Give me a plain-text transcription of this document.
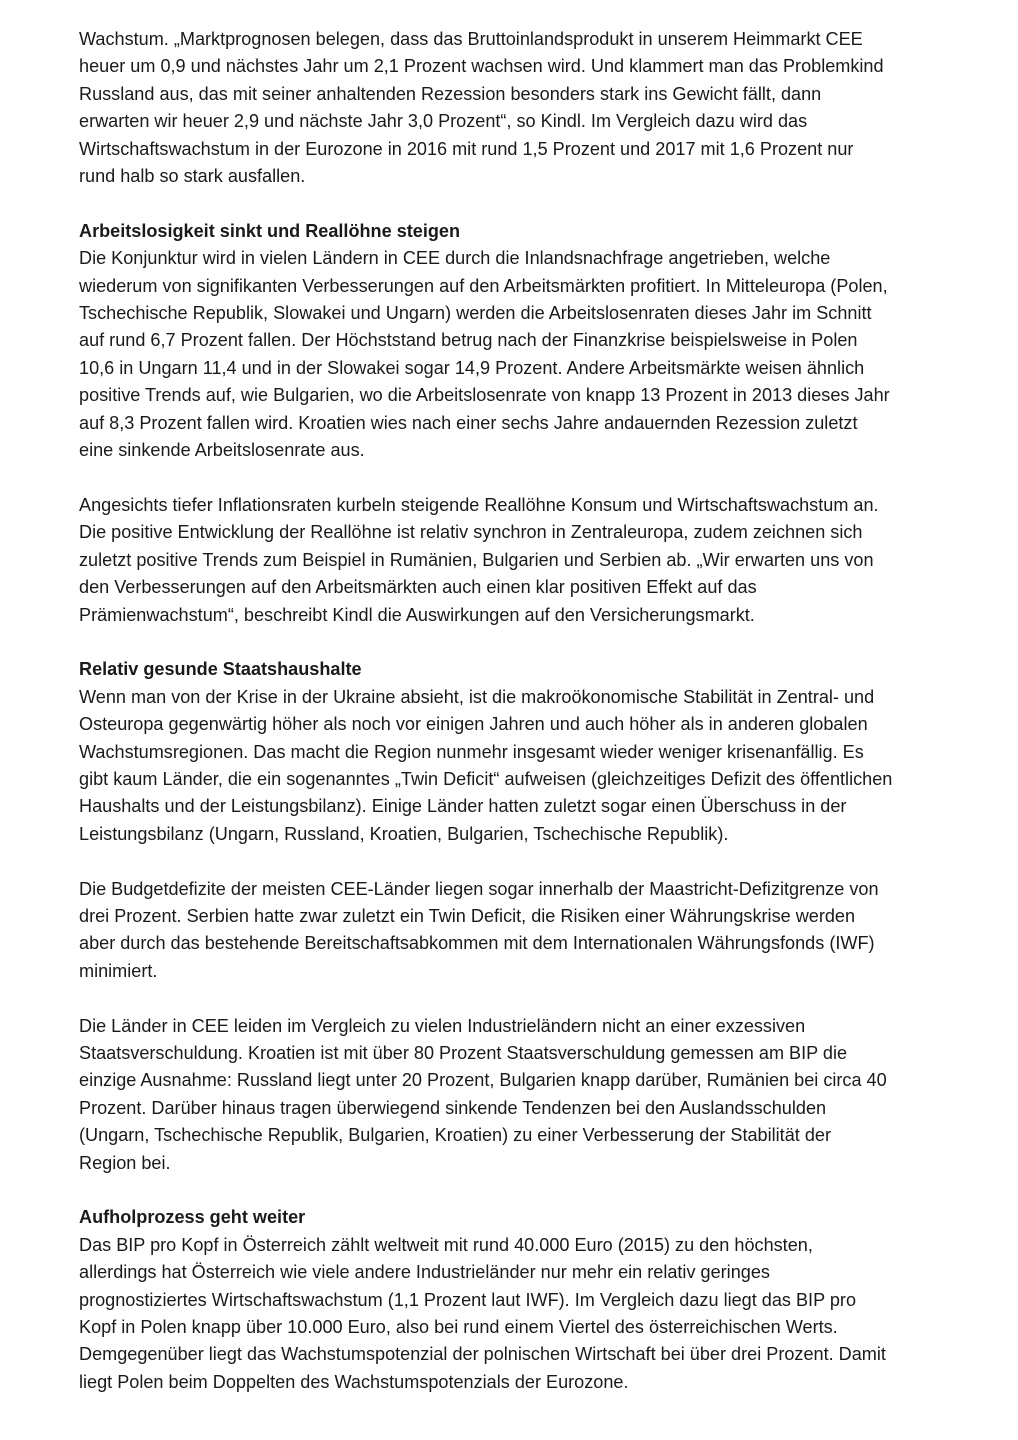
Wachstum. „Marktprognosen belegen, dass das Bruttoinlandsprodukt in unserem Heimmarkt CEE
heuer um 0,9 und nächstes Jahr um 2,1 Prozent wachsen wird. Und klammert man das Problemkind
Russland aus, das mit seiner anhaltenden Rezession besonders stark ins Gewicht fällt, dann
erwarten wir heuer 2,9 und nächste Jahr 3,0 Prozent“, so Kindl. Im Vergleich dazu wird das
Wirtschaftswachstum in der Eurozone in 2016 mit rund 1,5 Prozent und 2017 mit 1,6 Prozent nur
rund halb so stark ausfallen.
Arbeitslosigkeit sinkt und Reallöhne steigen
Die Konjunktur wird in vielen Ländern in CEE durch die Inlandsnachfrage angetrieben, welche
wiederum von signifikanten Verbesserungen auf den Arbeitsmärkten profitiert. In Mitteleuropa (Polen,
Tschechische Republik, Slowakei und Ungarn) werden die Arbeitslosenraten dieses Jahr im Schnitt
auf rund 6,7 Prozent fallen. Der Höchststand betrug nach der Finanzkrise beispielsweise in Polen
10,6 in Ungarn 11,4 und in der Slowakei sogar 14,9 Prozent. Andere Arbeitsmärkte weisen ähnlich
positive Trends auf, wie Bulgarien, wo die Arbeitslosenrate von knapp 13 Prozent in 2013 dieses Jahr
auf 8,3 Prozent fallen wird. Kroatien wies nach einer sechs Jahre andauernden Rezession zuletzt
eine sinkende Arbeitslosenrate aus.
Angesichts tiefer Inflationsraten kurbeln steigende Reallöhne Konsum und Wirtschaftswachstum an.
Die positive Entwicklung der Reallöhne ist relativ synchron in Zentraleuropa, zudem zeichnen sich
zuletzt positive Trends zum Beispiel in Rumänien, Bulgarien und Serbien ab. „Wir erwarten uns von
den Verbesserungen auf den Arbeitsmärkten auch einen klar positiven Effekt auf das
Prämienwachstum“, beschreibt Kindl die Auswirkungen auf den Versicherungsmarkt.
Relativ gesunde Staatshaushalte
Wenn man von der Krise in der Ukraine absieht, ist die makroökonomische Stabilität in Zentral- und
Osteuropa gegenwärtig höher als noch vor einigen Jahren und auch höher als in anderen globalen
Wachstumsregionen. Das macht die Region nunmehr insgesamt wieder weniger krisenanfällig. Es
gibt kaum Länder, die ein sogenanntes „Twin Deficit“ aufweisen (gleichzeitiges Defizit des öffentlichen
Haushalts und der Leistungsbilanz). Einige Länder hatten zuletzt sogar einen Überschuss in der
Leistungsbilanz (Ungarn, Russland, Kroatien, Bulgarien, Tschechische Republik).
Die Budgetdefizite der meisten CEE-Länder liegen sogar innerhalb der Maastricht-Defizitgrenze von
drei Prozent. Serbien hatte zwar zuletzt ein Twin Deficit, die Risiken einer Währungskrise werden
aber durch das bestehende Bereitschaftsabkommen mit dem Internationalen Währungsfonds (IWF)
minimiert.
Die Länder in CEE leiden im Vergleich zu vielen Industrieländern nicht an einer exzessiven
Staatsverschuldung. Kroatien ist mit über 80 Prozent Staatsverschuldung gemessen am BIP die
einzige Ausnahme: Russland liegt unter 20 Prozent, Bulgarien knapp darüber, Rumänien bei circa 40
Prozent. Darüber hinaus tragen überwiegend sinkende Tendenzen bei den Auslandsschulden
(Ungarn, Tschechische Republik, Bulgarien, Kroatien) zu einer Verbesserung der Stabilität der
Region bei.
Aufholprozess geht weiter
Das BIP pro Kopf in Österreich zählt weltweit mit rund 40.000 Euro (2015) zu den höchsten,
allerdings hat Österreich wie viele andere Industrieländer nur mehr ein relativ geringes
prognostiziertes Wirtschaftswachstum (1,1 Prozent laut IWF). Im Vergleich dazu liegt das BIP pro
Kopf in Polen knapp über 10.000 Euro, also bei rund einem Viertel des österreichischen Werts.
Demgegenüber liegt das Wachstumspotenzial der polnischen Wirtschaft bei über drei Prozent. Damit
liegt Polen beim Doppelten des Wachstumspotenzials der Eurozone.
